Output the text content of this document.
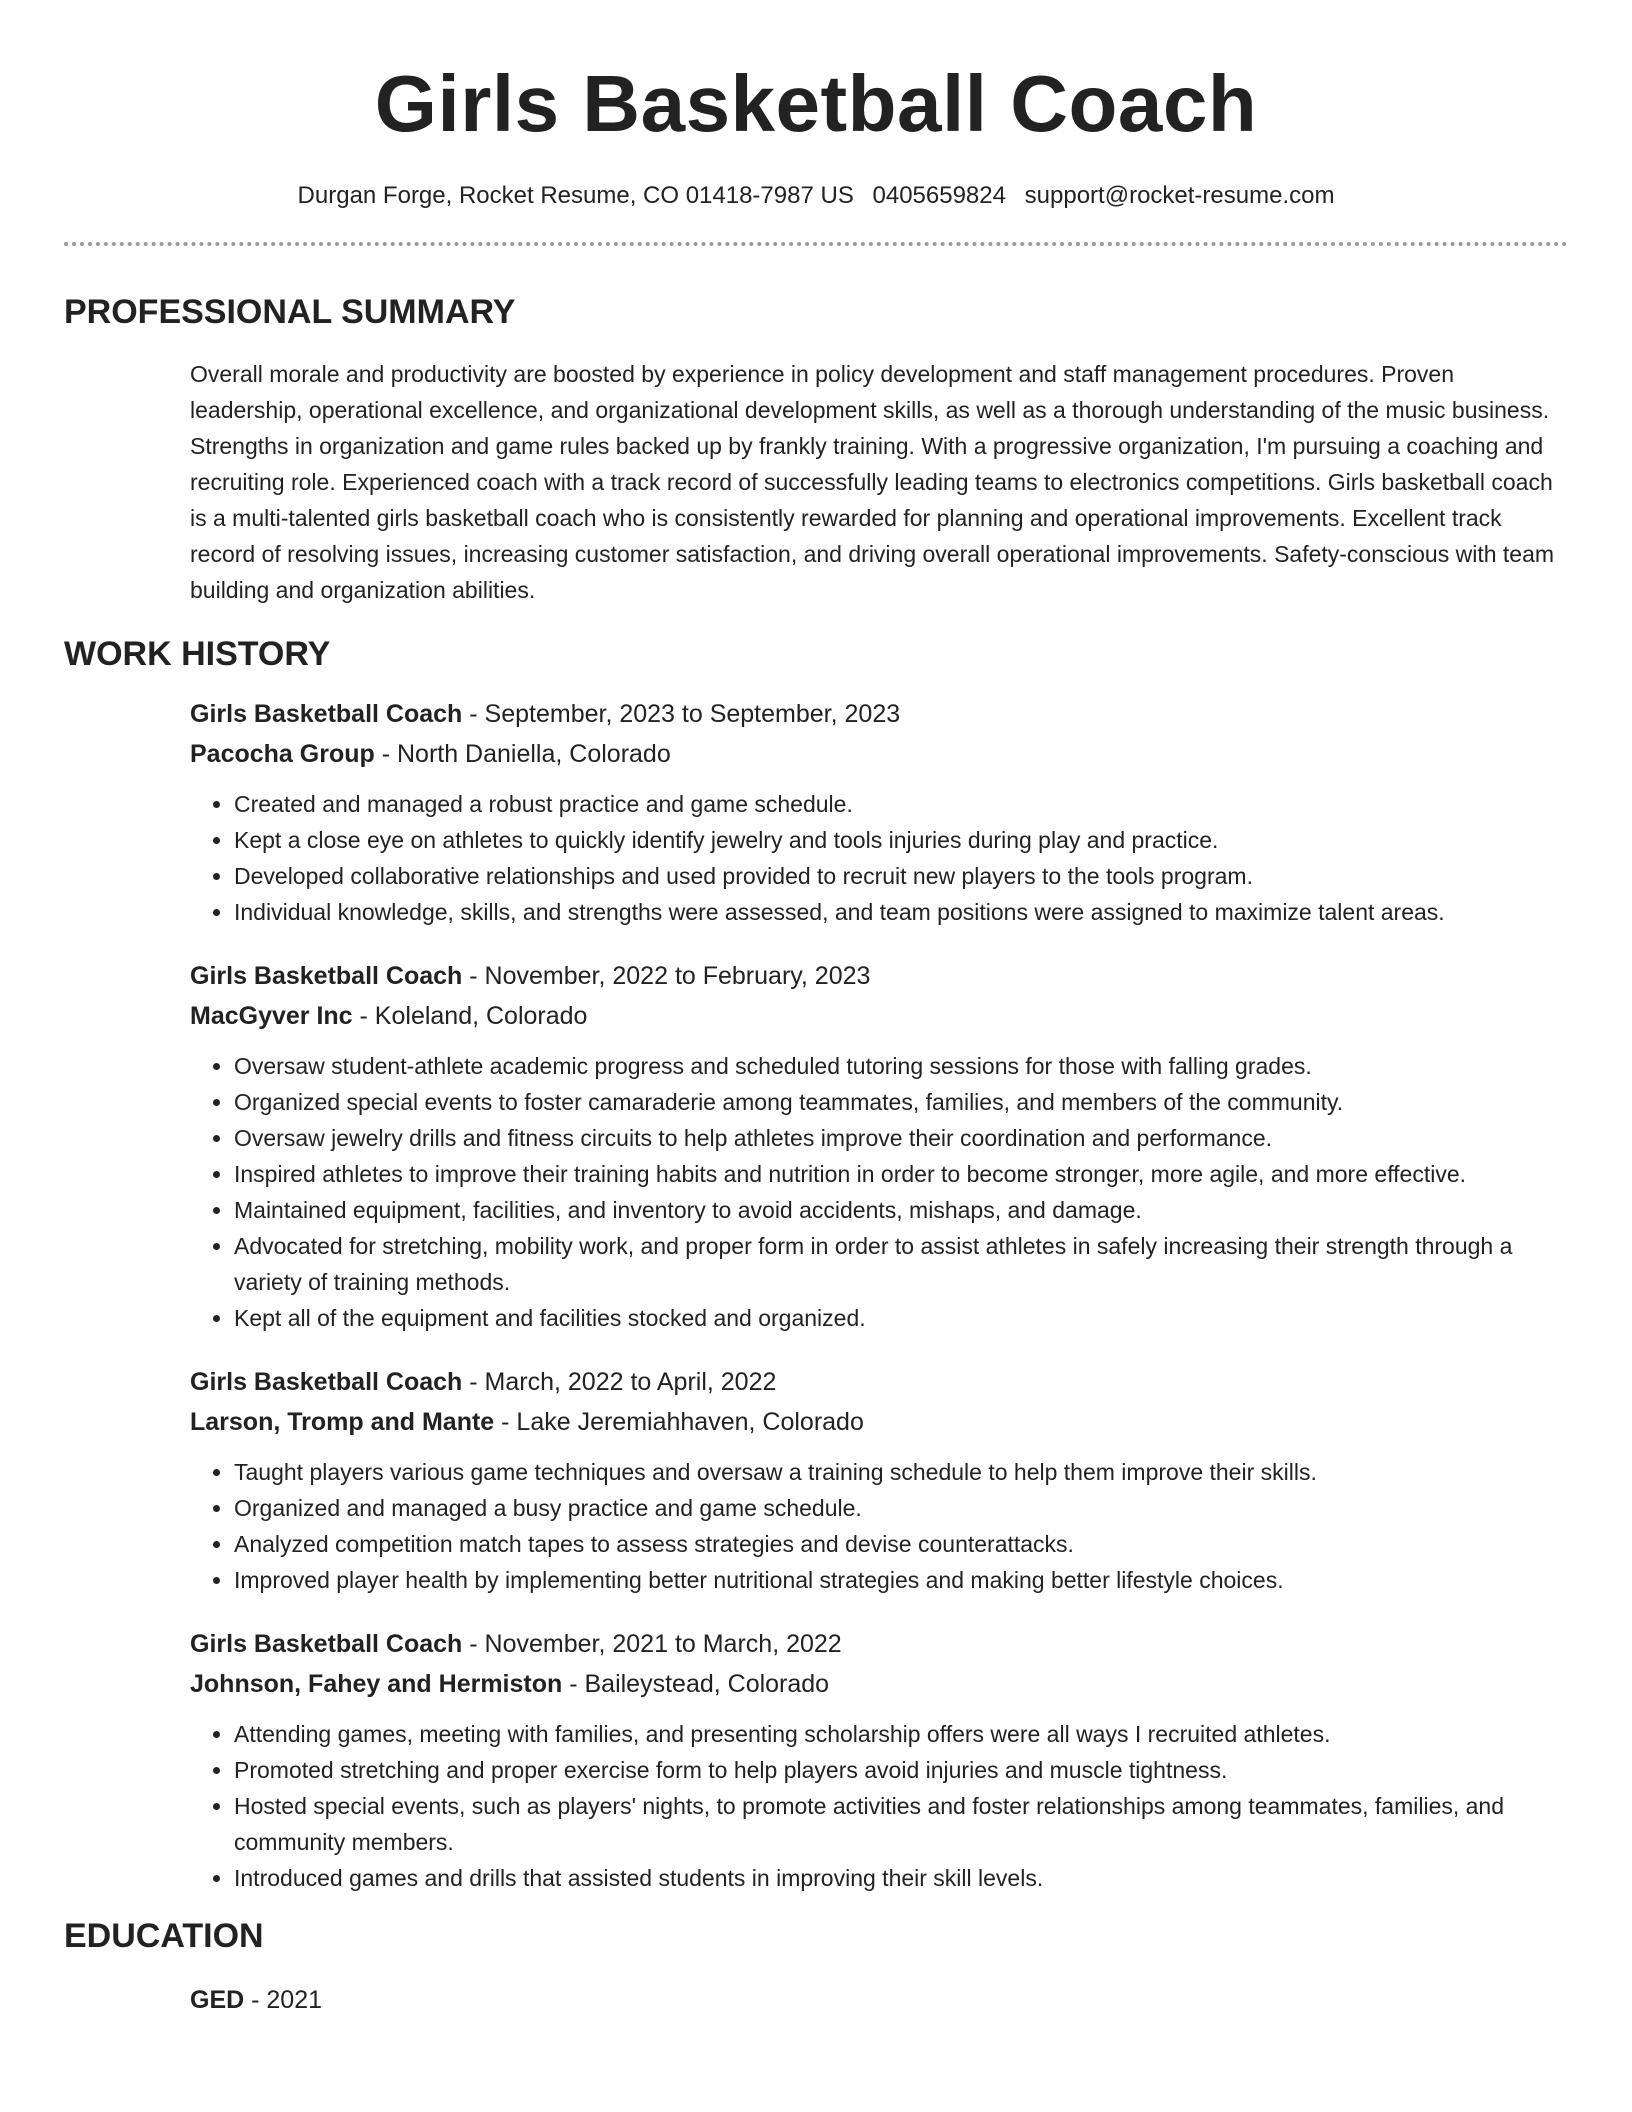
Girls Basketball Coach
Durgan Forge, Rocket Resume, CO 01418-7987 US 0405659824 support@rocket-resume.com
PROFESSIONAL SUMMARY

Overall morale and productivity are boosted by experience in policy development and staff management procedures. Proven leadership, operational excellence, and organizational development skills, as well as a thorough understanding of the music business. Strengths in organization and game rules backed up by frankly training. With a progressive organization, I'm pursuing a coaching and recruiting role. Experienced coach with a track record of successfully leading teams to electronics competitions. Girls basketball coach is a multi-talented girls basketball coach who is consistently rewarded for planning and operational improvements. Excellent track record of resolving issues, increasing customer satisfaction, and driving overall operational improvements. Safety-conscious with team building and organization abilities.

WORK HISTORY
Girls Basketball Coach - September, 2023 to September, 2023
Pacocha Group - North Daniella, Colorado
• Created and managed a robust practice and game schedule.
• Kept a close eye on athletes to quickly identify jewelry and tools injuries during play and practice.
• Developed collaborative relationships and used provided to recruit new players to the tools program.
• Individual knowledge, skills, and strengths were assessed, and team positions were assigned to maximize talent areas.
Girls Basketball Coach - November, 2022 to February, 2023
MacGyver Inc - Koleland, Colorado
• Oversaw student-athlete academic progress and scheduled tutoring sessions for those with falling grades.
• Organized special events to foster camaraderie among teammates, families, and members of the community.
• Oversaw jewelry drills and fitness circuits to help athletes improve their coordination and performance.
• Inspired athletes to improve their training habits and nutrition in order to become stronger, more agile, and more effective.
• Maintained equipment, facilities, and inventory to avoid accidents, mishaps, and damage.
• Advocated for stretching, mobility work, and proper form in order to assist athletes in safely increasing their strength through a variety of training methods.
• Kept all of the equipment and facilities stocked and organized.
Girls Basketball Coach - March, 2022 to April, 2022
Larson, Tromp and Mante - Lake Jeremiahhaven, Colorado
• Taught players various game techniques and oversaw a training schedule to help them improve their skills.
• Organized and managed a busy practice and game schedule.
• Analyzed competition match tapes to assess strategies and devise counterattacks.
• Improved player health by implementing better nutritional strategies and making better lifestyle choices.
Girls Basketball Coach - November, 2021 to March, 2022
Johnson, Fahey and Hermiston - Baileystead, Colorado
• Attending games, meeting with families, and presenting scholarship offers were all ways I recruited athletes.
• Promoted stretching and proper exercise form to help players avoid injuries and muscle tightness.
• Hosted special events, such as players' nights, to promote activities and foster relationships among teammates, families, and community members.
• Introduced games and drills that assisted students in improving their skill levels.
EDUCATION
GED - 2021
